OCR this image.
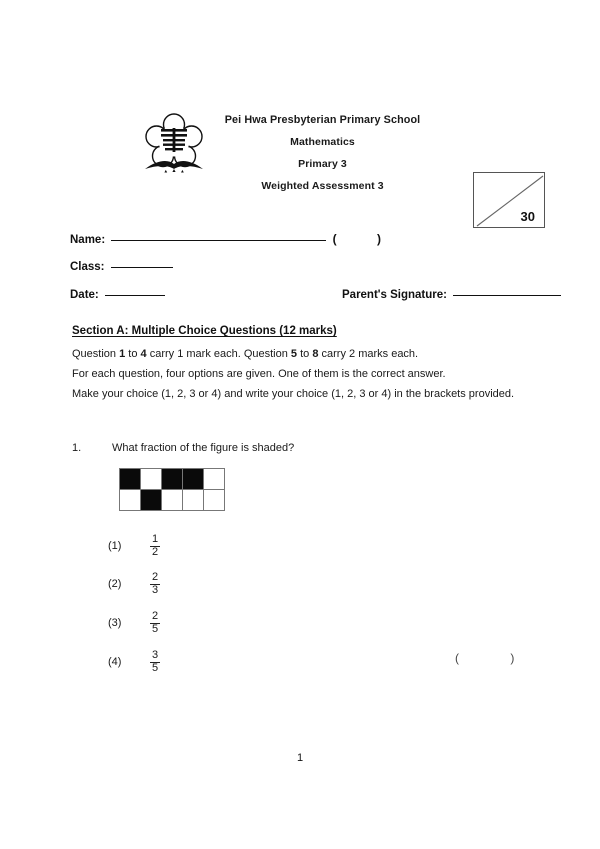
Pei Hwa Presbyterian Primary School
Mathematics
Primary 3
Weighted Assessment 3
30
Name:	(	)
Class:
Date:	Parent's Signature:
Section A: Multiple Choice Questions (12 marks)

Question 1 to 4 carry 1 mark each. Question 5 to 8 carry 2 marks each.

For each question, four options are given. One of them is the correct answer.

Make your choice (1, 2, 3 or 4) and write your choice (1, 2, 3 or 4) in the brackets provided.

1.	What fraction of the figure is shaded?
(1)	$\frac{1}{2}$
(2)	$\frac{2}{3}$
(3)	$\frac{2}{5}$
(4)	$\frac{3}{5}$	( )
1
